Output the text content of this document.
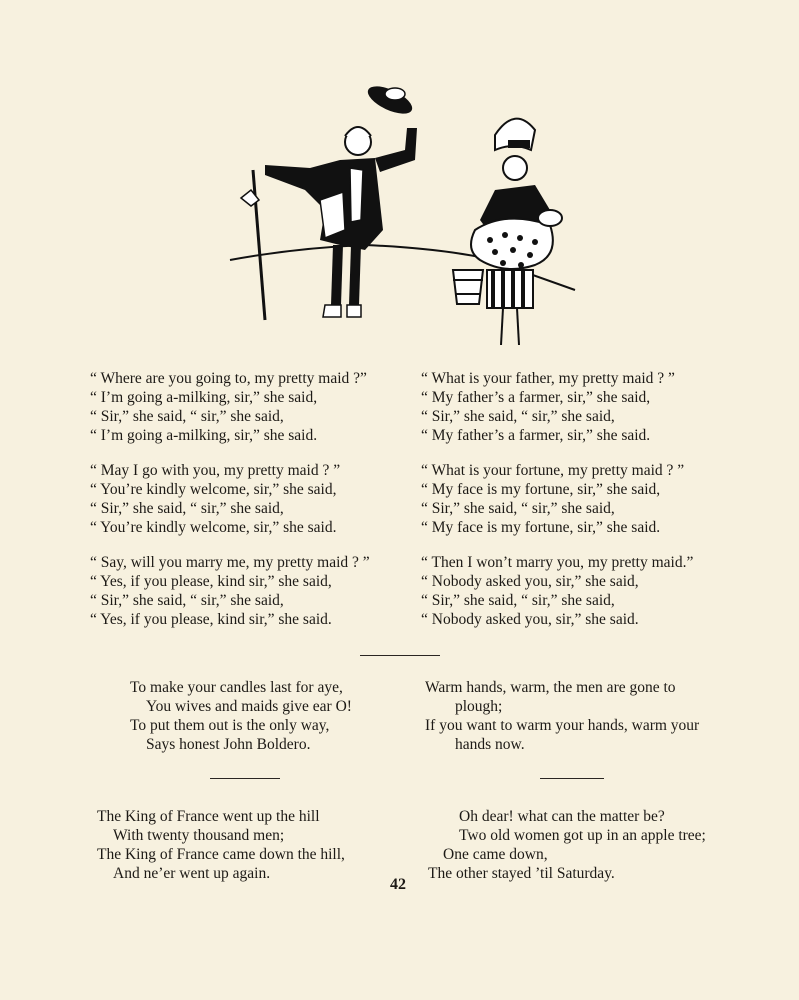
“ Where are you going to, my pretty maid ?”
“ I’m going a-milking, sir,” she said,
“ Sir,” she said, “ sir,” she said,
“ I’m going a-milking, sir,” she said.
“ May I go with you, my pretty maid ? ”
“ You’re kindly welcome, sir,” she said,
“ Sir,” she said, “ sir,” she said,
“ You’re kindly welcome, sir,” she said.
“ Say, will you marry me, my pretty maid ? ”
“ Yes, if you please, kind sir,” she said,
“ Sir,” she said, “ sir,” she said,
“ Yes, if you please, kind sir,” she said.
“ What is your father, my pretty maid ? ”
“ My father’s a farmer, sir,” she said,
“ Sir,” she said, “ sir,” she said,
“ My father’s a farmer, sir,” she said.
“ What is your fortune, my pretty maid ? ”
“ My face is my fortune, sir,” she said,
“ Sir,” she said, “ sir,” she said,
“ My face is my fortune, sir,” she said.
“ Then I won’t marry you, my pretty maid.”
“ Nobody asked you, sir,” she said,
“ Sir,” she said, “ sir,” she said,
“ Nobody asked you, sir,” she said.
To make your candles last for aye,
You wives and maids give ear O!
To put them out is the only way,
Says honest John Boldero.
Warm hands, warm, the men are gone to
plough;
If you want to warm your hands, warm your
hands now.
The King of France went up the hill
With twenty thousand men;
The King of France came down the hill,
And ne’er went up again.
Oh dear! what can the matter be?
Two old women got up in an apple tree;
One came down,
The other stayed ’til Saturday.
42
